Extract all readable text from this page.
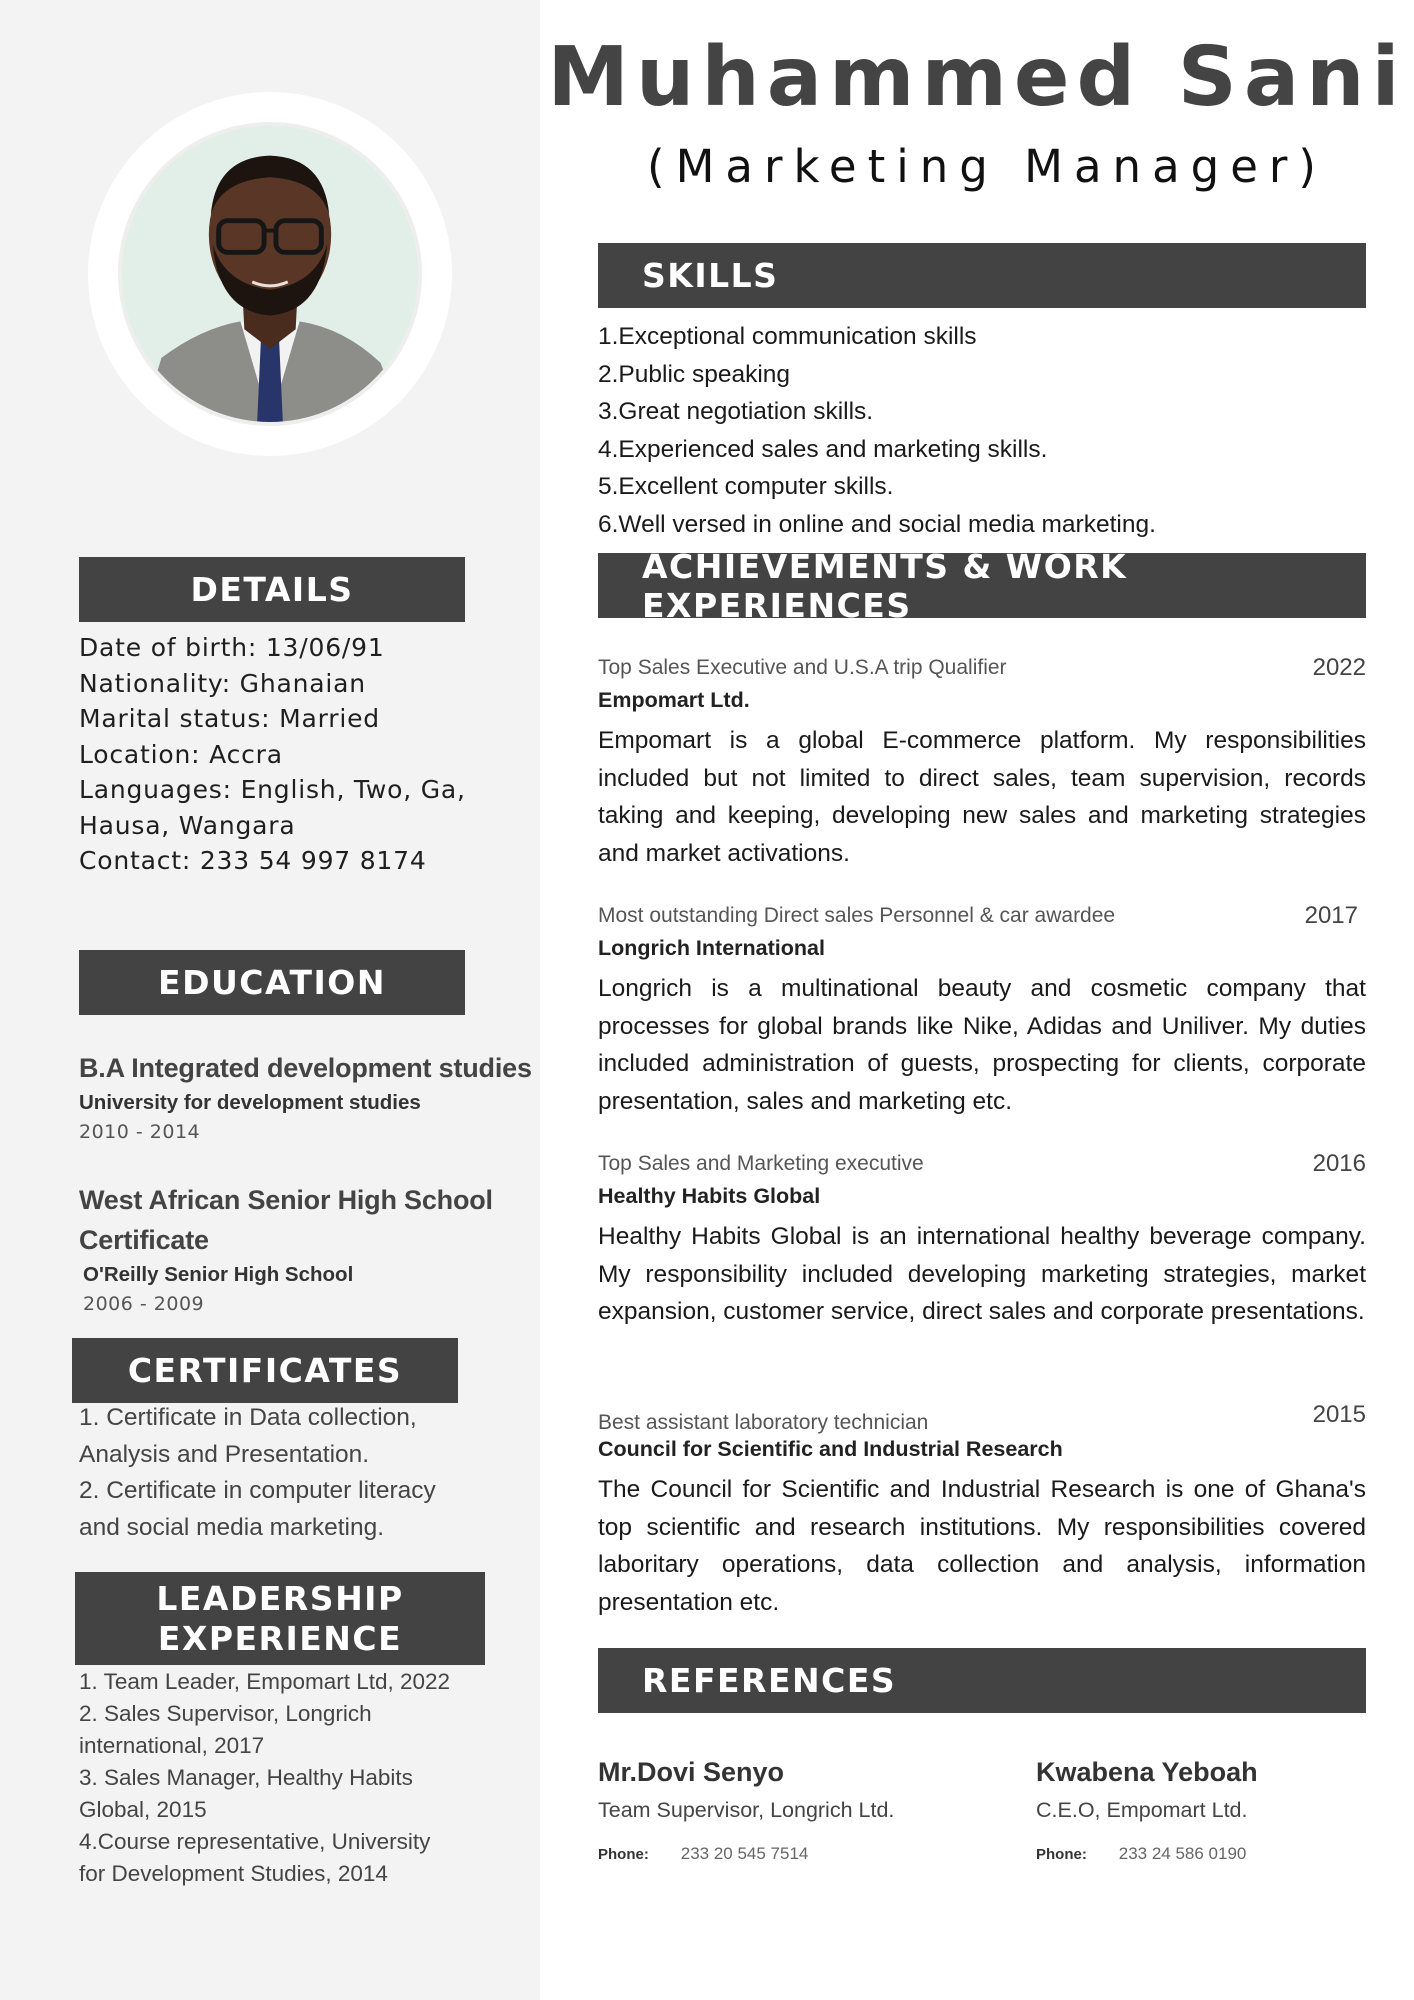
DETAILS
Date of birth: 13/06/91
Nationality: Ghanaian
Marital status: Married
Location: Accra
Languages: English, Two, Ga,
Hausa, Wangara
Contact: 233 54 997 8174
EDUCATION
B.A Integrated development studies
University for development studies
2010 - 2014
West African Senior High School Certificate
O'Reilly Senior High School
2006 - 2009
CERTIFICATES
1. Certificate in Data collection,
Analysis and Presentation.
2. Certificate in computer literacy
and social media marketing.
LEADERSHIP
EXPERIENCE
1. Team Leader, Empomart Ltd, 2022
2. Sales Supervisor, Longrich
international, 2017
3. Sales Manager, Healthy Habits
Global, 2015
4.Course representative, University
for Development Studies, 2014
Muhammed Sani
(Marketing Manager)
SKILLS
1.Exceptional communication skills
2.Public speaking
3.Great negotiation skills.
4.Experienced sales and marketing skills.
5.Excellent computer skills.
6.Well versed in online and social media marketing.
ACHIEVEMENTS & WORK EXPERIENCES
Top Sales Executive and U.S.A trip Qualifier	2022
Empomart Ltd.
Empomart is a global E-commerce platform. My responsibilities included but not limited to direct sales, team supervision, records taking and keeping, developing new sales and marketing strategies and market activations.
Most outstanding Direct sales Personnel & car awardee	2017
Longrich International
Longrich is a multinational beauty and cosmetic company that processes for global brands like Nike, Adidas and Uniliver. My duties included administration of guests, prospecting for clients, corporate presentation, sales and marketing etc.
Top Sales and Marketing executive	2016
Healthy Habits Global
Healthy Habits Global is an international healthy beverage company. My responsibility included developing marketing strategies, market expansion, customer service, direct sales and corporate presentations.
Best assistant laboratory technician	2015
Council for Scientific and Industrial Research
The Council for Scientific and Industrial Research is one of Ghana's top scientific and research institutions. My responsibilities covered laboritary operations, data collection and analysis, information presentation etc.
REFERENCES
Mr.Dovi Senyo
Team Supervisor, Longrich Ltd.
Phone: 233 20 545 7514
Kwabena Yeboah
C.E.O, Empomart Ltd.
Phone: 233 24 586 0190
